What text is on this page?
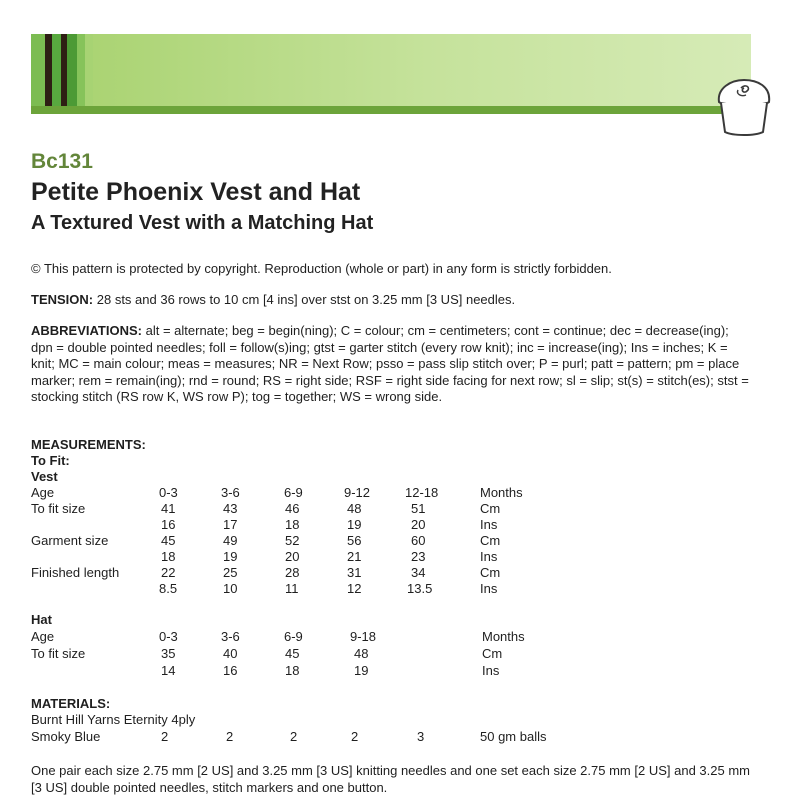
Bc131
Petite Phoenix Vest and Hat
A Textured Vest with a Matching Hat
© This pattern is protected by copyright. Reproduction (whole or part) in any form is strictly forbidden.
TENSION: 28 sts and 36 rows to 10 cm [4 ins] over stst on 3.25 mm [3 US] needles.
ABBREVIATIONS: alt = alternate; beg = begin(ning); C = colour; cm = centimeters; cont = continue; dec = decrease(ing); dpn = double pointed needles; foll = follow(s)ing; gtst = garter stitch (every row knit); inc = increase(ing); Ins = inches; K = knit; MC = main colour; meas = measures; NR = Next Row; psso = pass slip stitch over; P = purl; patt = pattern; pm = place marker; rem = remain(ing); rnd = round; RS = right side; RSF = right side facing for next row; sl = slip; st(s) = stitch(es); stst = stocking stitch (RS row K, WS row P); tog = together; WS = wrong side.
MEASUREMENTS:
To Fit:
Vest
Age	0-3	3-6	6-9	9-12	12-18	Months
To fit size	41	43	46	48	51	Cm
16	17	18	19	20	Ins
Garment size	45	49	52	56	60	Cm
18	19	20	21	23	Ins
Finished length	22	25	28	31	34	Cm
8.5	10	11	12	13.5	Ins
Hat
Age	0-3	3-6	6-9	9-18	Months
To fit size	35	40	45	48	Cm
14	16	18	19	Ins
MATERIALS:
Burnt Hill Yarns Eternity 4ply
Smoky Blue	2	2	2	2	3	50 gm balls
One pair each size 2.75 mm [2 US] and 3.25 mm [3 US] knitting needles and one set each size 2.75 mm [2 US] and 3.25 mm [3 US] double pointed needles, stitch markers and one button.
